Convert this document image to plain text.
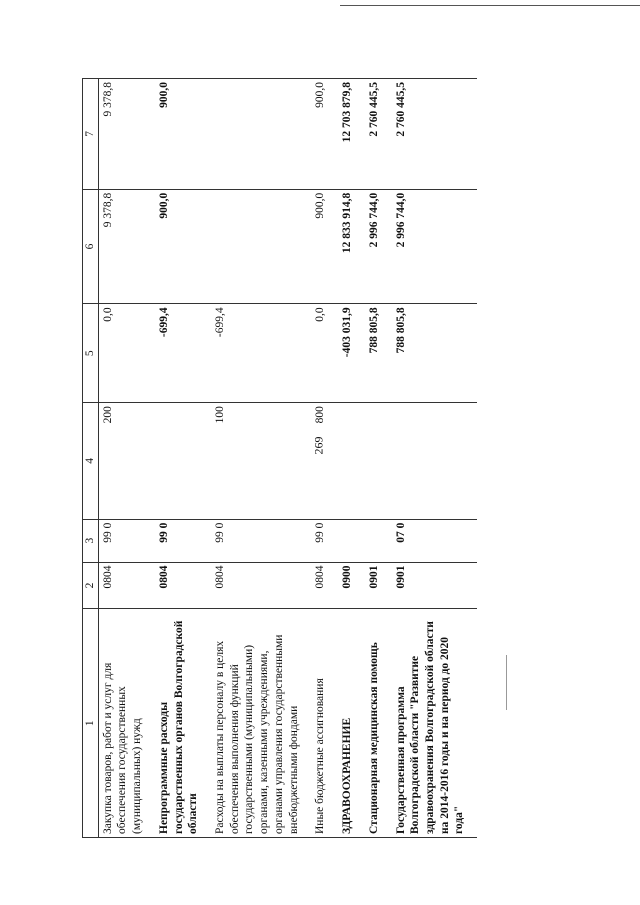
269
1	2	3	4	5	6	7
Закупка товаров, работ и услуг для обеспечения государственных (муниципальных) нужд	0804	99 0	200	0,0	9 378,8	9 378,8
Непрограммные расходы государственных органов Волгоградской области	0804	99 0		-699,4	900,0	900,0
Расходы на выплаты персоналу в целях обеспечения выполнения функций государственными (муниципальными) органами, казенными учреждениями, органами управления государственными внебюджетными фондами	0804	99 0	100	-699,4		
Иные бюджетные ассигнования	0804	99 0	800	0,0	900,0	900,0
ЗДРАВООХРАНЕНИЕ	0900			-403 031,9	12 833 914,8	12 703 879,8
Стационарная медицинская помощь	0901			788 805,8	2 996 744,0	2 760 445,5
Государственная программа Волгоградской области "Развитие здравоохранения Волгоградской области на 2014-2016 годы и на период до 2020 года"	0901	07 0		788 805,8	2 996 744,0	2 760 445,5
